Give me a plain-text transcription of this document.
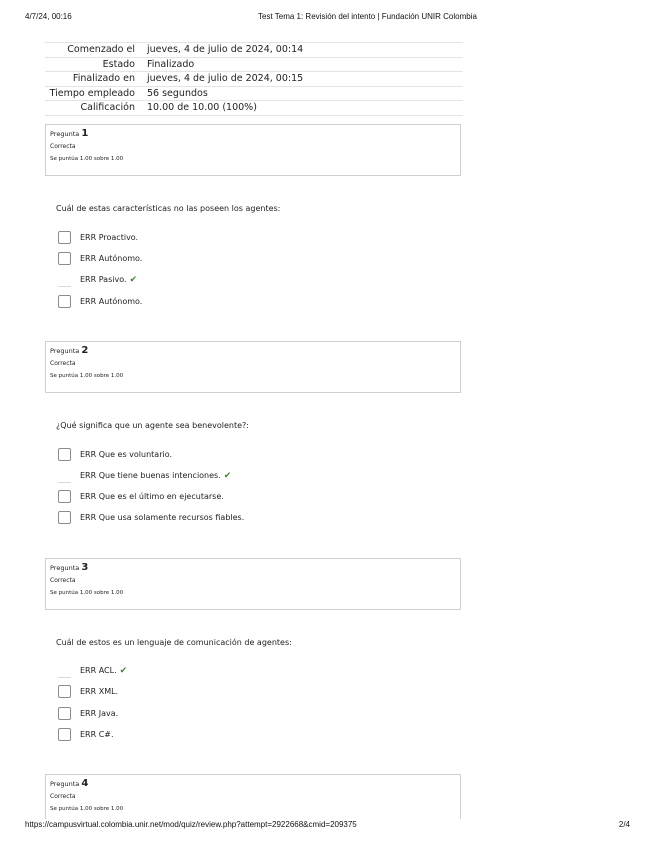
4/7/24, 00:16	Test Tema 1: Revisión del intento | Fundación UNIR Colombia
Comenzado el	jueves, 4 de julio de 2024, 00:14
Estado	Finalizado
Finalizado en	jueves, 4 de julio de 2024, 00:15
Tiempo empleado	56 segundos
Calificación	10.00 de 10.00 (100%)
Pregunta 1
Correcta
Se puntúa 1.00 sobre 1.00
Cuál de estas características no las poseen los agentes:
ERR Proactivo.
ERR Autónomo.
ERR Pasivo. ✔
ERR Autónomo.
Pregunta 2
Correcta
Se puntúa 1.00 sobre 1.00
¿Qué significa que un agente sea benevolente?:
ERR Que es voluntario.
ERR Que tiene buenas intenciones. ✔
ERR Que es el último en ejecutarse.
ERR Que usa solamente recursos fiables.
Pregunta 3
Correcta
Se puntúa 1.00 sobre 1.00
Cuál de estos es un lenguaje de comunicación de agentes:
ERR ACL. ✔
ERR XML.
ERR Java.
ERR C#.
Pregunta 4
Correcta
Se puntúa 1.00 sobre 1.00
https://campusvirtual.colombia.unir.net/mod/quiz/review.php?attempt=2922668&cmid=209375	2/4
